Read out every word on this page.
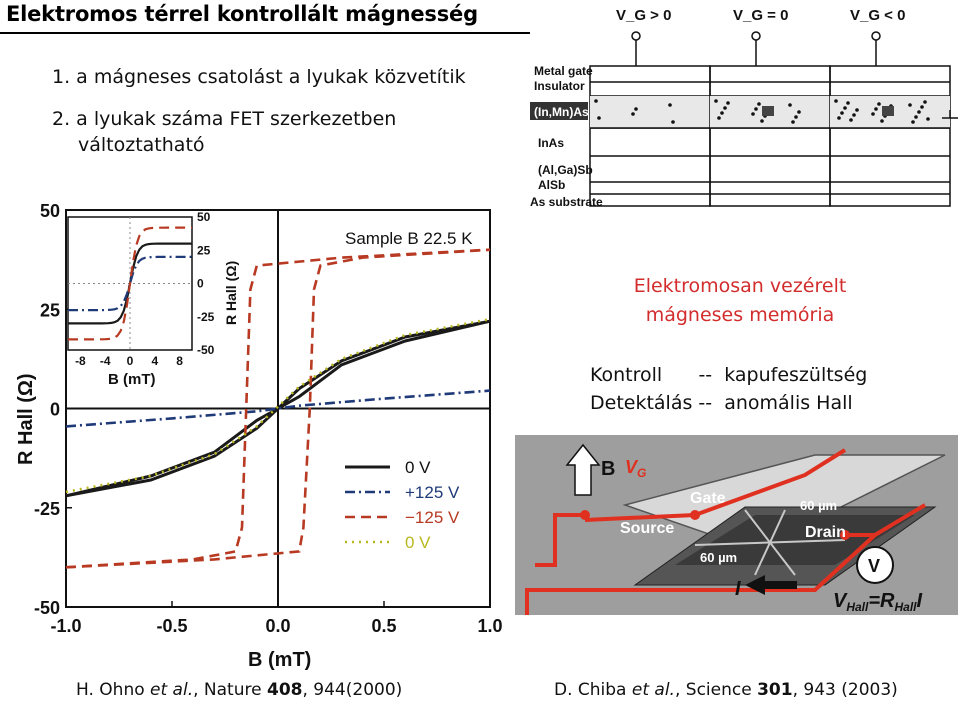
Elektromos térrel kontrollált mágnesség
1. a mágneses csatolást a lyukak közvetítik
2. a lyukak száma FET szerkezetben
változtatható
V_G > 0	V_G = 0	V_G < 0
Metal gate
Insulator
(In,Mn)As
InAs
(Al,Ga)Sb
AlSb
As substrate
Elektromosan vezérelt
mágneses memória
Kontroll      --  kapufeszültség
Detektálás --  anomális Hall
-1.0	-0.5	0.0	0.5	1.0
50
25
0
-25
-50
Sample B 22.5 K
B (mT)
R Hall (Ω)
0 V
+125 V
−125 V
0 V
-8 -4 0 4 8
50
25
0
-25
-50
B (mT)
R Hall (Ω)
B $V_G$
Gate
Source	Drain
60 µm
60 µm	V
I
$V_{Hall}=R_{Hall}I$
H. Ohno et al., Nature 408, 944(2000)	D. Chiba et al., Science 301, 943 (2003)
